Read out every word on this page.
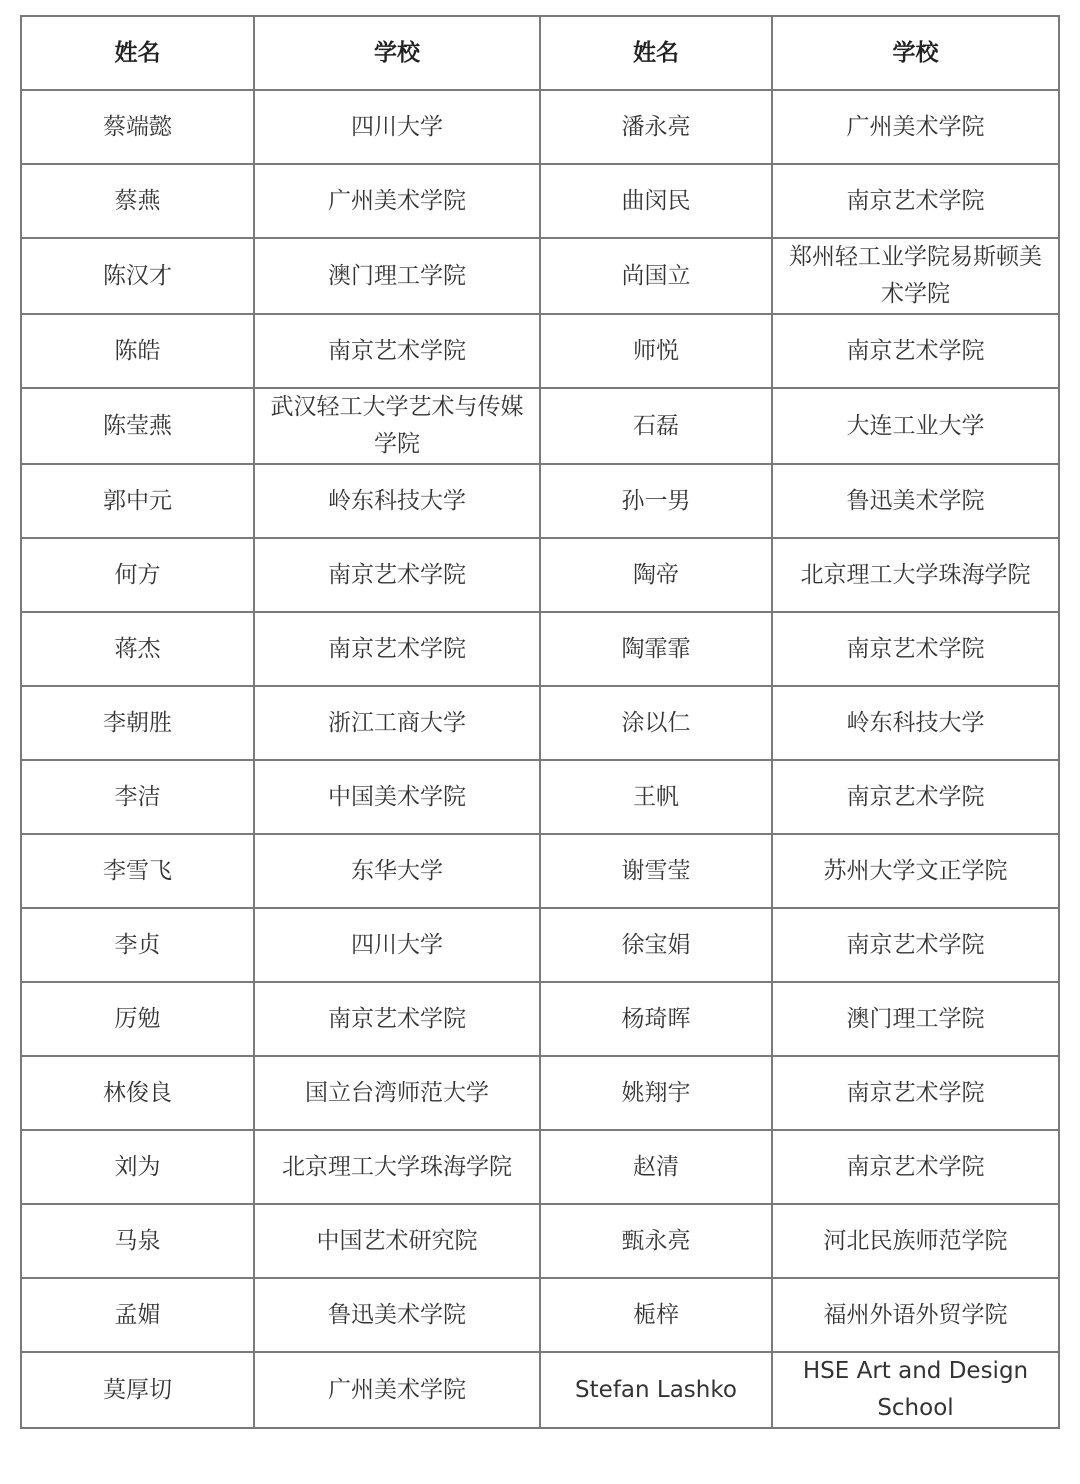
姓名	学校	姓名	学校
蔡端懿	四川大学	潘永亮	广州美术学院
蔡燕	广州美术学院	曲闵民	南京艺术学院
陈汉才	澳门理工学院	尚国立	郑州轻工业学院易斯顿美术学院
陈皓	南京艺术学院	师悦	南京艺术学院
陈莹燕	武汉轻工大学艺术与传媒学院	石磊	大连工业大学
郭中元	岭东科技大学	孙一男	鲁迅美术学院
何方	南京艺术学院	陶帝	北京理工大学珠海学院
蒋杰	南京艺术学院	陶霏霏	南京艺术学院
李朝胜	浙江工商大学	涂以仁	岭东科技大学
李洁	中国美术学院	王帆	南京艺术学院
李雪飞	东华大学	谢雪莹	苏州大学文正学院
李贞	四川大学	徐宝娟	南京艺术学院
厉勉	南京艺术学院	杨琦晖	澳门理工学院
林俊良	国立台湾师范大学	姚翔宇	南京艺术学院
刘为	北京理工大学珠海学院	赵清	南京艺术学院
马泉	中国艺术研究院	甄永亮	河北民族师范学院
孟媚	鲁迅美术学院	栀梓	福州外语外贸学院
莫厚切	广州美术学院	Stefan Lashko	HSE Art and Design School
